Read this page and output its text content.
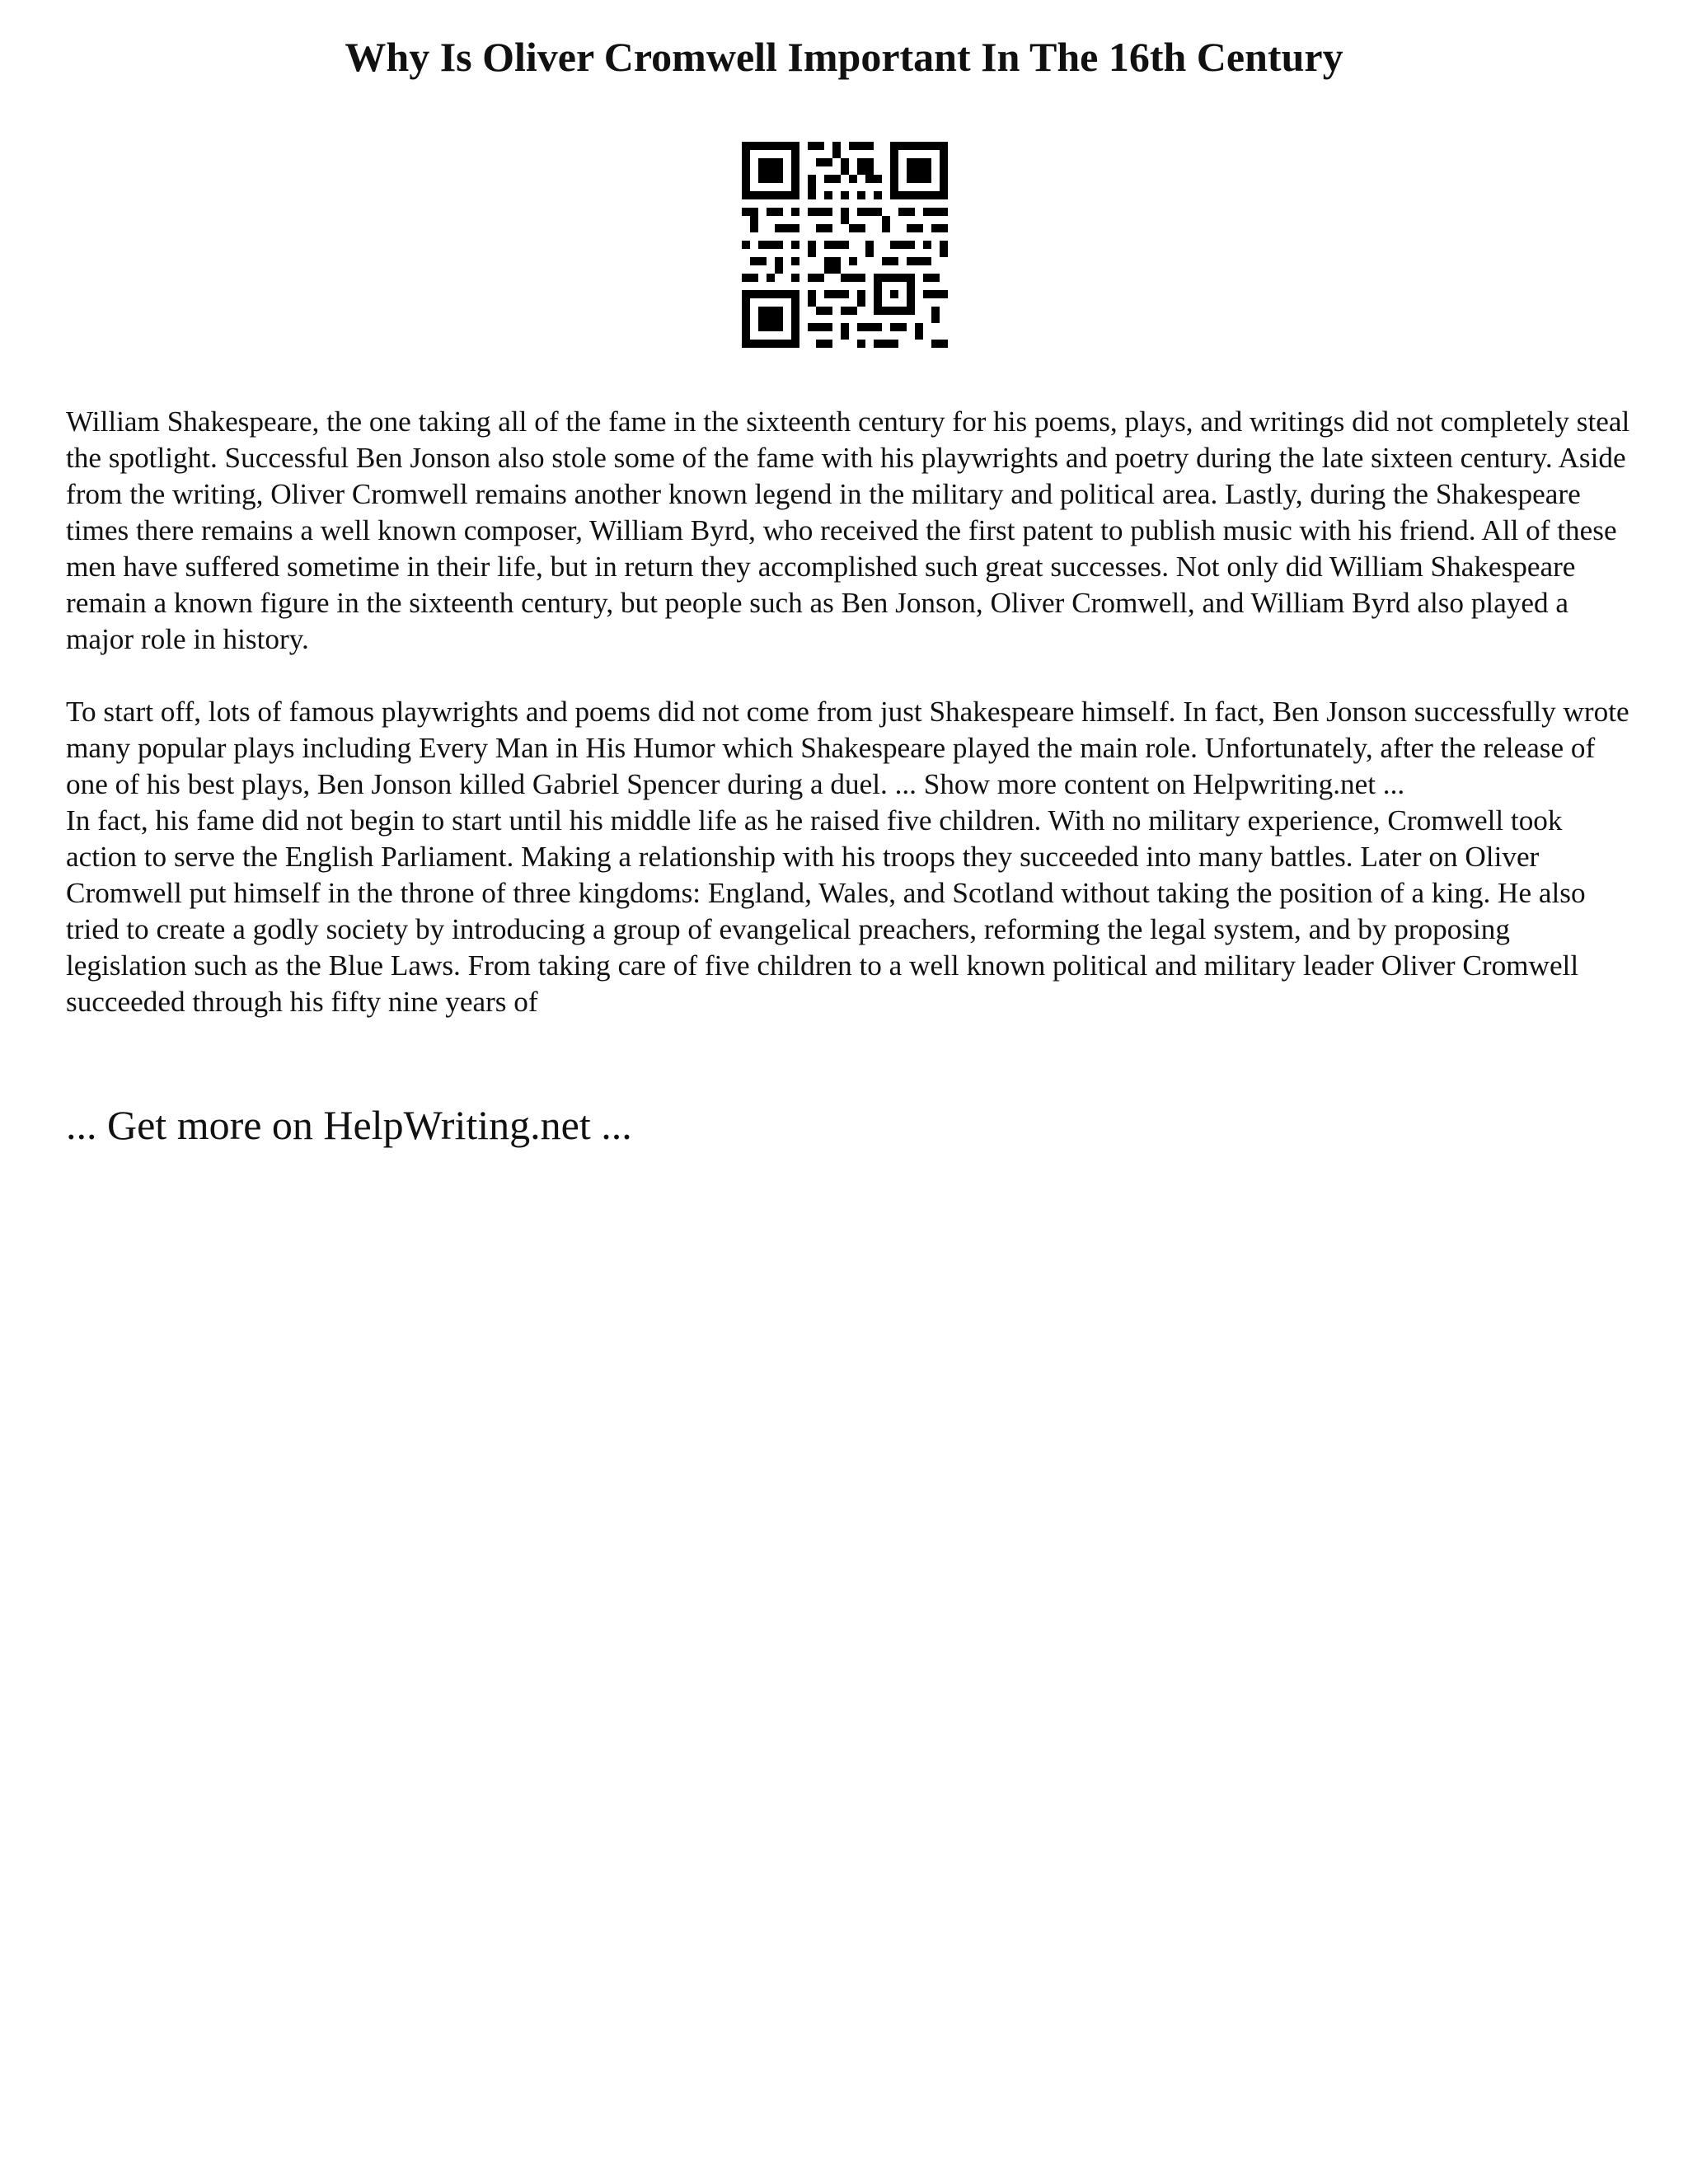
Why Is Oliver Cromwell Important In The 16th Century

William Shakespeare, the one taking all of the fame in the sixteenth century for his poems, plays, and writings did not completely steal the spotlight. Successful Ben Jonson also stole some of the fame with his playwrights and poetry during the late sixteen century. Aside from the writing, Oliver Cromwell remains another known legend in the military and political area. Lastly, during the Shakespeare times there remains a well known composer, William Byrd, who received the first patent to publish music with his friend. All of these men have suffered sometime in their life, but in return they accomplished such great successes. Not only did William Shakespeare remain a known figure in the sixteenth century, but people such as Ben Jonson, Oliver Cromwell, and William Byrd also played a major role in history.

To start off, lots of famous playwrights and poems did not come from just Shakespeare himself. In fact, Ben Jonson successfully wrote many popular plays including Every Man in His Humor which Shakespeare played the main role. Unfortunately, after the release of one of his best plays, Ben Jonson killed Gabriel Spencer during a duel. ... Show more content on Helpwriting.net ...

In fact, his fame did not begin to start until his middle life as he raised five children. With no military experience, Cromwell took action to serve the English Parliament. Making a relationship with his troops they succeeded into many battles. Later on Oliver Cromwell put himself in the throne of three kingdoms: England, Wales, and Scotland without taking the position of a king. He also tried to create a godly society by introducing a group of evangelical preachers, reforming the legal system, and by proposing legislation such as the Blue Laws. From taking care of five children to a well known political and military leader Oliver Cromwell succeeded through his fifty nine years of

... Get more on HelpWriting.net ...
